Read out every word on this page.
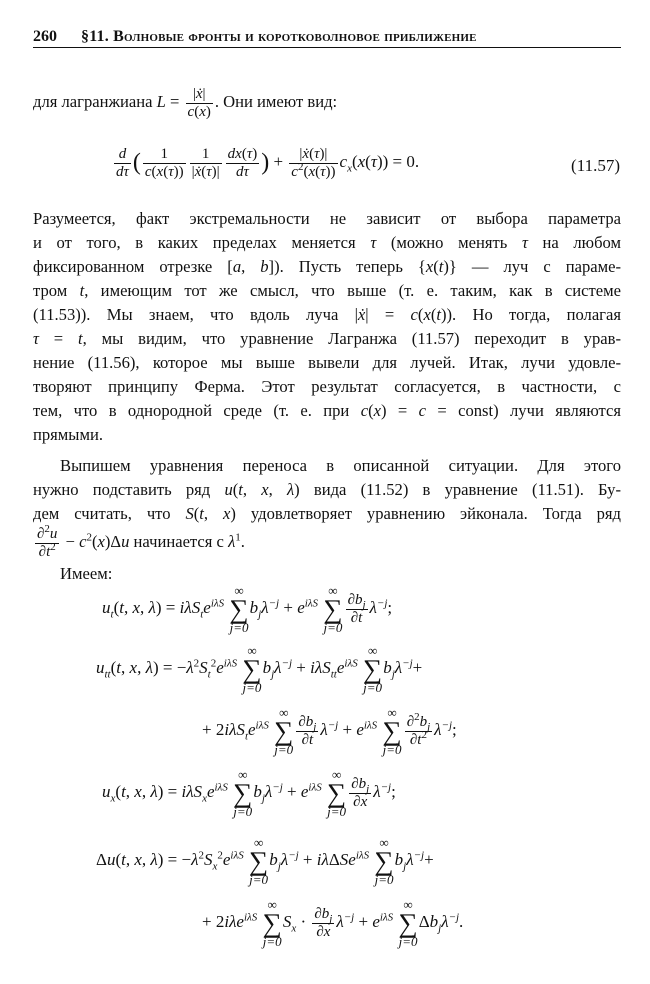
260 §11. Волновые фронты и коротковолновое приближение
для лагранжиана $L = \frac{\text{|ẋ|}}{c(x)}$ . Они имеют вид:
$\frac{d}{d\tau}$ ( $\frac{1}{c(x(\tau))} \frac{1}{\text{|ẋ(τ)|}} \frac{dx(\tau)}{d\tau}$ ) + $\frac{\text{|ẋ(τ)|}}{c^2(x(\tau))} c_x(x(\tau)) = 0$.	(11.57)
Разумеется, факт экстремальности не зависит от выбора параметра
и от того, в каких пределах меняется τ (можно менять τ на любом
фиксированном отрезке [a, b]). Пусть теперь {x(t)} — луч с параме-
тром t, имеющим тот же смысл, что выше (т. е. таким, как в системе
(11.53)). Мы знаем, что вдоль луча |ẋ| = c(x(t)). Но тогда, полагая
τ = t, мы видим, что уравнение Лагранжа (11.57) переходит в урав-
нение (11.56), которое мы выше вывели для лучей. Итак, лучи удовле-
творяют принципу Ферма. Этот результат согласуется, в частности, с
тем, что в однородной среде (т. е. при c(x) = c = const) лучи являются
прямыми.
Выпишем уравнения переноса в описанной ситуации. Для этого
нужно подставить ряд u(t, x, λ) вида (11.52) в уравнение (11.51). Бу-
дем считать, что S(t, x) удовлетворяет уравнению эйконала. Тогда ряд
$\frac{\partial^2u}{\partial t^2} - c^2(x)\Delta u$ начинается с $\lambda^1$.
Имеем:
$u_t(t$, x, $\lambda) = i\lambda S_te^{i\lambda S}$
∞
∑
j=0
$b_j\lambda^{-j} + e^{i\lambda S}$
∞
∑
j=0
$\frac{\partial b_j}{\partial t} \lambda^{-j}$;
$u_{tt}(t$, x, $\lambda) = -\lambda^2S_t^2e^{i\lambda S}$
∞
∑
j=0
$b_j\lambda^{-j} + i\lambda S_{tt}e^{i\lambda S}$
∞
∑
j=0
$b_j\lambda^{-j}+$
+ $2i\lambda S_te^{i\lambda S}$
∞
∑
j=0
$\frac{\partial b_j}{\partial t} \lambda^{-j} + e^{i\lambda S}$
∞
∑
j=0
$\frac{\partial^2b_j}{\partial t^2} \lambda^{-j}$;
$u_x(t$, x, $\lambda) = i\lambda S_xe^{i\lambda S}$
∞
∑
j=0
$b_j\lambda^{-j} + e^{i\lambda S}$
∞
∑
j=0
$\frac{\partial b_j}{\partial x} \lambda^{-j}$;
Δu(t, x, $\lambda) = -\lambda^2S_x^2e^{i\lambda S}$
∞
∑
j=0
$b_j\lambda^{-j} + i\lambda\Delta Se^{i\lambda S}$
∞
∑
j=0
$b_j\lambda^{-j}+$
+ 2iλe$^{i\lambda S}$
∞
∑
j=0
$S_x \cdot \frac{\partial b_j}{\partial x} \lambda^{-j} + e^{i\lambda S}$
∞
∑
j=0
$\Delta b_j\lambda^{-j}$.
